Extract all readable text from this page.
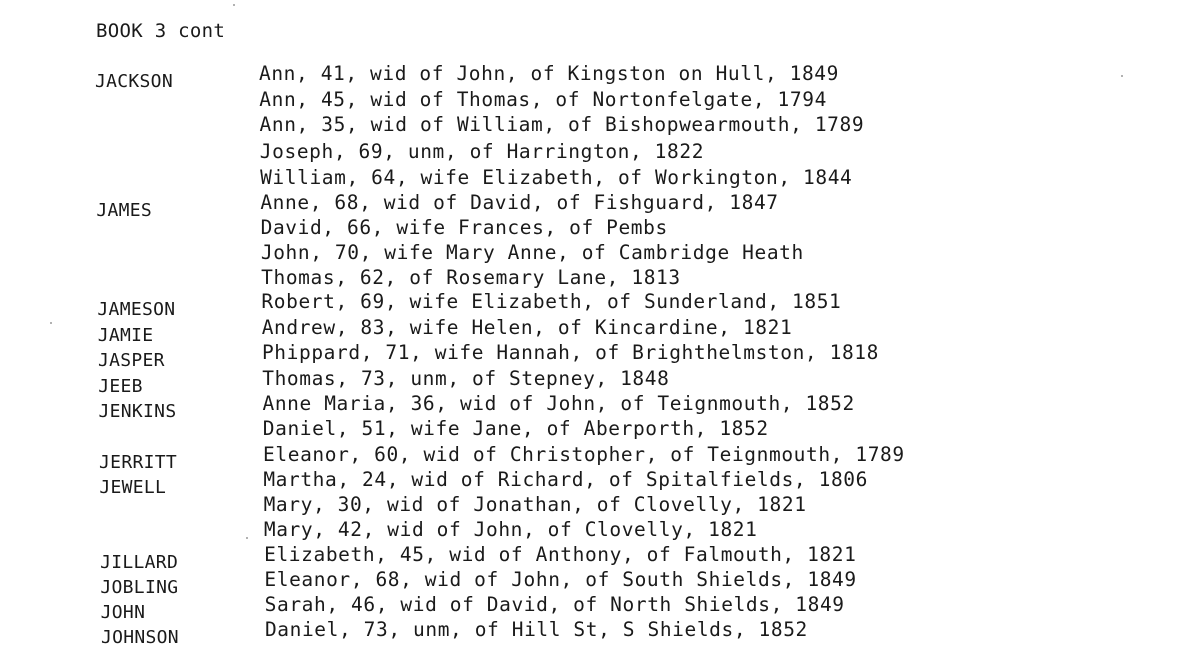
BOOK 3 cont
JACKSON	Ann, 41, wid of John, of Kingston on Hull, 1849
Ann, 45, wid of Thomas, of Nortonfelgate, 1794
Ann, 35, wid of William, of Bishopwearmouth, 1789
Joseph, 69, unm, of Harrington, 1822
William, 64, wife Elizabeth, of Workington, 1844
JAMES	Anne, 68, wid of David, of Fishguard, 1847
David, 66, wife Frances, of Pembs
John, 70, wife Mary Anne, of Cambridge Heath
Thomas, 62, of Rosemary Lane, 1813
JAMESON	Robert, 69, wife Elizabeth, of Sunderland, 1851
JAMIE	Andrew, 83, wife Helen, of Kincardine, 1821
JASPER	Phippard, 71, wife Hannah, of Brighthelmston, 1818
JEEB	Thomas, 73, unm, of Stepney, 1848
JENKINS	Anne Maria, 36, wid of John, of Teignmouth, 1852
Daniel, 51, wife Jane, of Aberporth, 1852
JERRITT	Eleanor, 60, wid of Christopher, of Teignmouth, 1789
JEWELL	Martha, 24, wid of Richard, of Spitalfields, 1806
Mary, 30, wid of Jonathan, of Clovelly, 1821
Mary, 42, wid of John, of Clovelly, 1821
JILLARD	Elizabeth, 45, wid of Anthony, of Falmouth, 1821
JOBLING	Eleanor, 68, wid of John, of South Shields, 1849
JOHN	Sarah, 46, wid of David, of North Shields, 1849
JOHNSON	Daniel, 73, unm, of Hill St, S Shields, 1852
